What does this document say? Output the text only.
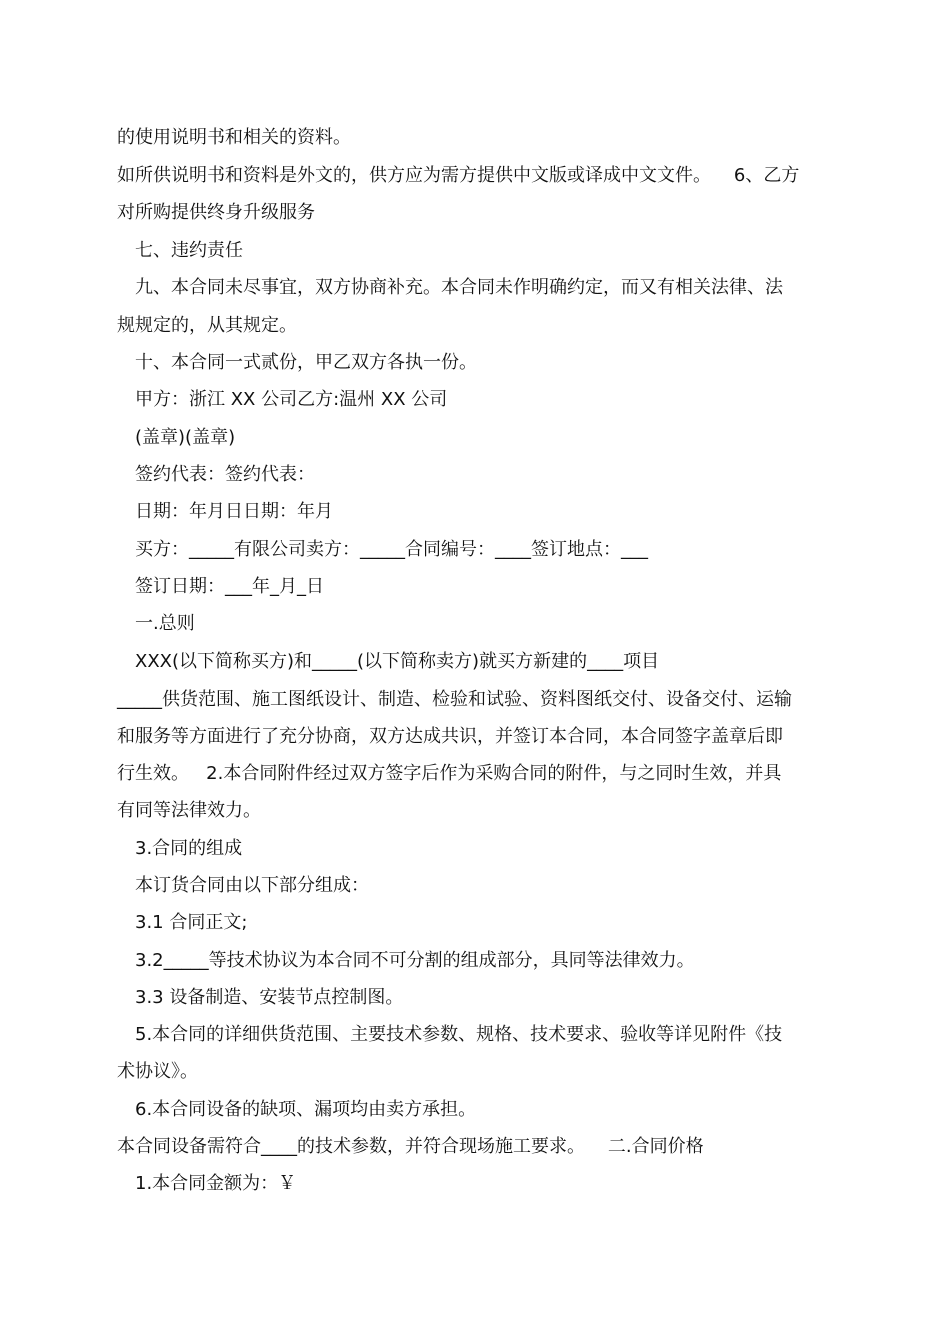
的使用说明书和相关的资料。
如所供说明书和资料是外文的，供方应为需方提供中文版或译成中文文件。    6、乙方
对所购提供终身升级服务
七、违约责任
九、本合同未尽事宜，双方协商补充。本合同未作明确约定，而又有相关法律、法
规规定的，从其规定。
十、本合同一式贰份，甲乙双方各执一份。
甲方：浙江 XX 公司乙方:温州 XX 公司
(盖章)(盖章)
签约代表：签约代表：
日期：年月日日期：年月
买方：_____有限公司卖方：_____合同编号：____签订地点：___
签订日期：___年_月_日
一.总则
XXX(以下简称买方)和_____(以下简称卖方)就买方新建的____项目
_____供货范围、施工图纸设计、制造、检验和试验、资料图纸交付、设备交付、运输
和服务等方面进行了充分协商，双方达成共识，并签订本合同，本合同签字盖章后即
行生效。   2.本合同附件经过双方签字后作为采购合同的附件，与之同时生效，并具
有同等法律效力。
3.合同的组成
本订货合同由以下部分组成：
3.1 合同正文;
3.2_____等技术协议为本合同不可分割的组成部分，具同等法律效力。
3.3 设备制造、安装节点控制图。
5.本合同的详细供货范围、主要技术参数、规格、技术要求、验收等详见附件《技
术协议》。
6.本合同设备的缺项、漏项均由卖方承担。
本合同设备需符合____的技术参数，并符合现场施工要求。    二.合同价格
1.本合同金额为：￥
